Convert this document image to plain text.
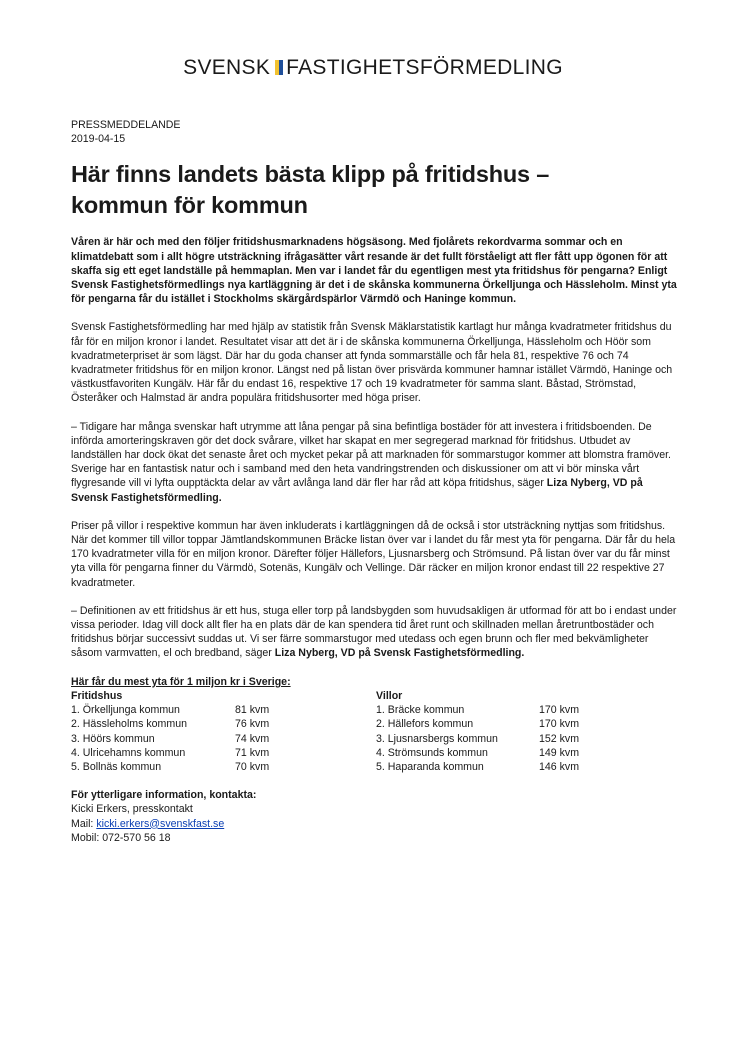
SVENSK FASTIGHETSFÖRMEDLING
PRESSMEDDELANDE
2019-04-15
Här finns landets bästa klipp på fritidshus –
kommun för kommun

Våren är här och med den följer fritidshusmarknadens högsäsong. Med fjolårets rekordvarma sommar och en klimatdebatt som i allt högre utsträckning ifrågasätter vårt resande är det fullt förståeligt att fler fått upp ögonen för att skaffa sig ett eget landställe på hemmaplan. Men var i landet får du egentligen mest yta fritidshus för pengarna? Enligt Svensk Fastighetsförmedlings nya kartläggning är det i de skånska kommunerna Örkelljunga och Hässleholm. Minst yta för pengarna får du istället i Stockholms skärgårdspärlor Värmdö och Haninge kommun.

Svensk Fastighetsförmedling har med hjälp av statistik från Svensk Mäklarstatistik kartlagt hur många kvadratmeter fritidshus du får för en miljon kronor i landet. Resultatet visar att det är i de skånska kommunerna Örkelljunga, Hässleholm och Höör som kvadratmeterpriset är som lägst. Där har du goda chanser att fynda sommarställe och får hela 81, respektive 76 och 74 kvadratmeter fritidshus för en miljon kronor. Längst ned på listan över prisvärda kommuner hamnar istället Värmdö, Haninge och västkustfavoriten Kungälv. Här får du endast 16, respektive 17 och 19 kvadratmeter för samma slant. Båstad, Strömstad, Österåker och Halmstad är andra populära fritidshusorter med höga priser.

– Tidigare har många svenskar haft utrymme att låna pengar på sina befintliga bostäder för att investera i fritidsboenden. De införda amorteringskraven gör det dock svårare, vilket har skapat en mer segregerad marknad för fritidshus. Utbudet av landställen har dock ökat det senaste året och mycket pekar på att marknaden för sommarstugor kommer att blomstra framöver. Sverige har en fantastisk natur och i samband med den heta vandringstrenden och diskussioner om att vi bör minska vårt flygresande vill vi lyfta oupptäckta delar av vårt avlånga land där fler har råd att köpa fritidshus, säger Liza Nyberg, VD på Svensk Fastighetsförmedling.

Priser på villor i respektive kommun har även inkluderats i kartläggningen då de också i stor utsträckning nyttjas som fritidshus. När det kommer till villor toppar Jämtlandskommunen Bräcke listan över var i landet du får mest yta för pengarna. Där får du hela 170 kvadratmeter villa för en miljon kronor. Därefter följer Hällefors, Ljusnarsberg och Strömsund. På listan över var du får minst yta villa för pengarna finner du Värmdö, Sotenäs, Kungälv och Vellinge. Där räcker en miljon kronor endast till 22 respektive 27 kvadratmeter.

– Definitionen av ett fritidshus är ett hus, stuga eller torp på landsbygden som huvudsakligen är utformad för att bo i endast under vissa perioder. Idag vill dock allt fler ha en plats där de kan spendera tid året runt och skillnaden mellan åretruntbostäder och fritidshus börjar successivt suddas ut. Vi ser färre sommarstugor med utedass och egen brunn och fler med bekvämligheter såsom varmvatten, el och bredband, säger Liza Nyberg, VD på Svensk Fastighetsförmedling.

Här får du mest yta för 1 miljon kr i Sverige:
Fritidshus
1. Örkelljunga kommun	81 kvm
2. Hässleholms kommun	76 kvm
3. Höörs kommun	74 kvm
4. Ulricehamns kommun	71 kvm
5. Bollnäs kommun	70 kvm
Villor
1. Bräcke kommun	170 kvm
2. Hällefors kommun	170 kvm
3. Ljusnarsbergs kommun	152 kvm
4. Strömsunds kommun	149 kvm
5. Haparanda kommun	146 kvm
För ytterligare information, kontakta:
Kicki Erkers, presskontakt
Mail: kicki.erkers@svenskfast.se
Mobil: 072-570 56 18
